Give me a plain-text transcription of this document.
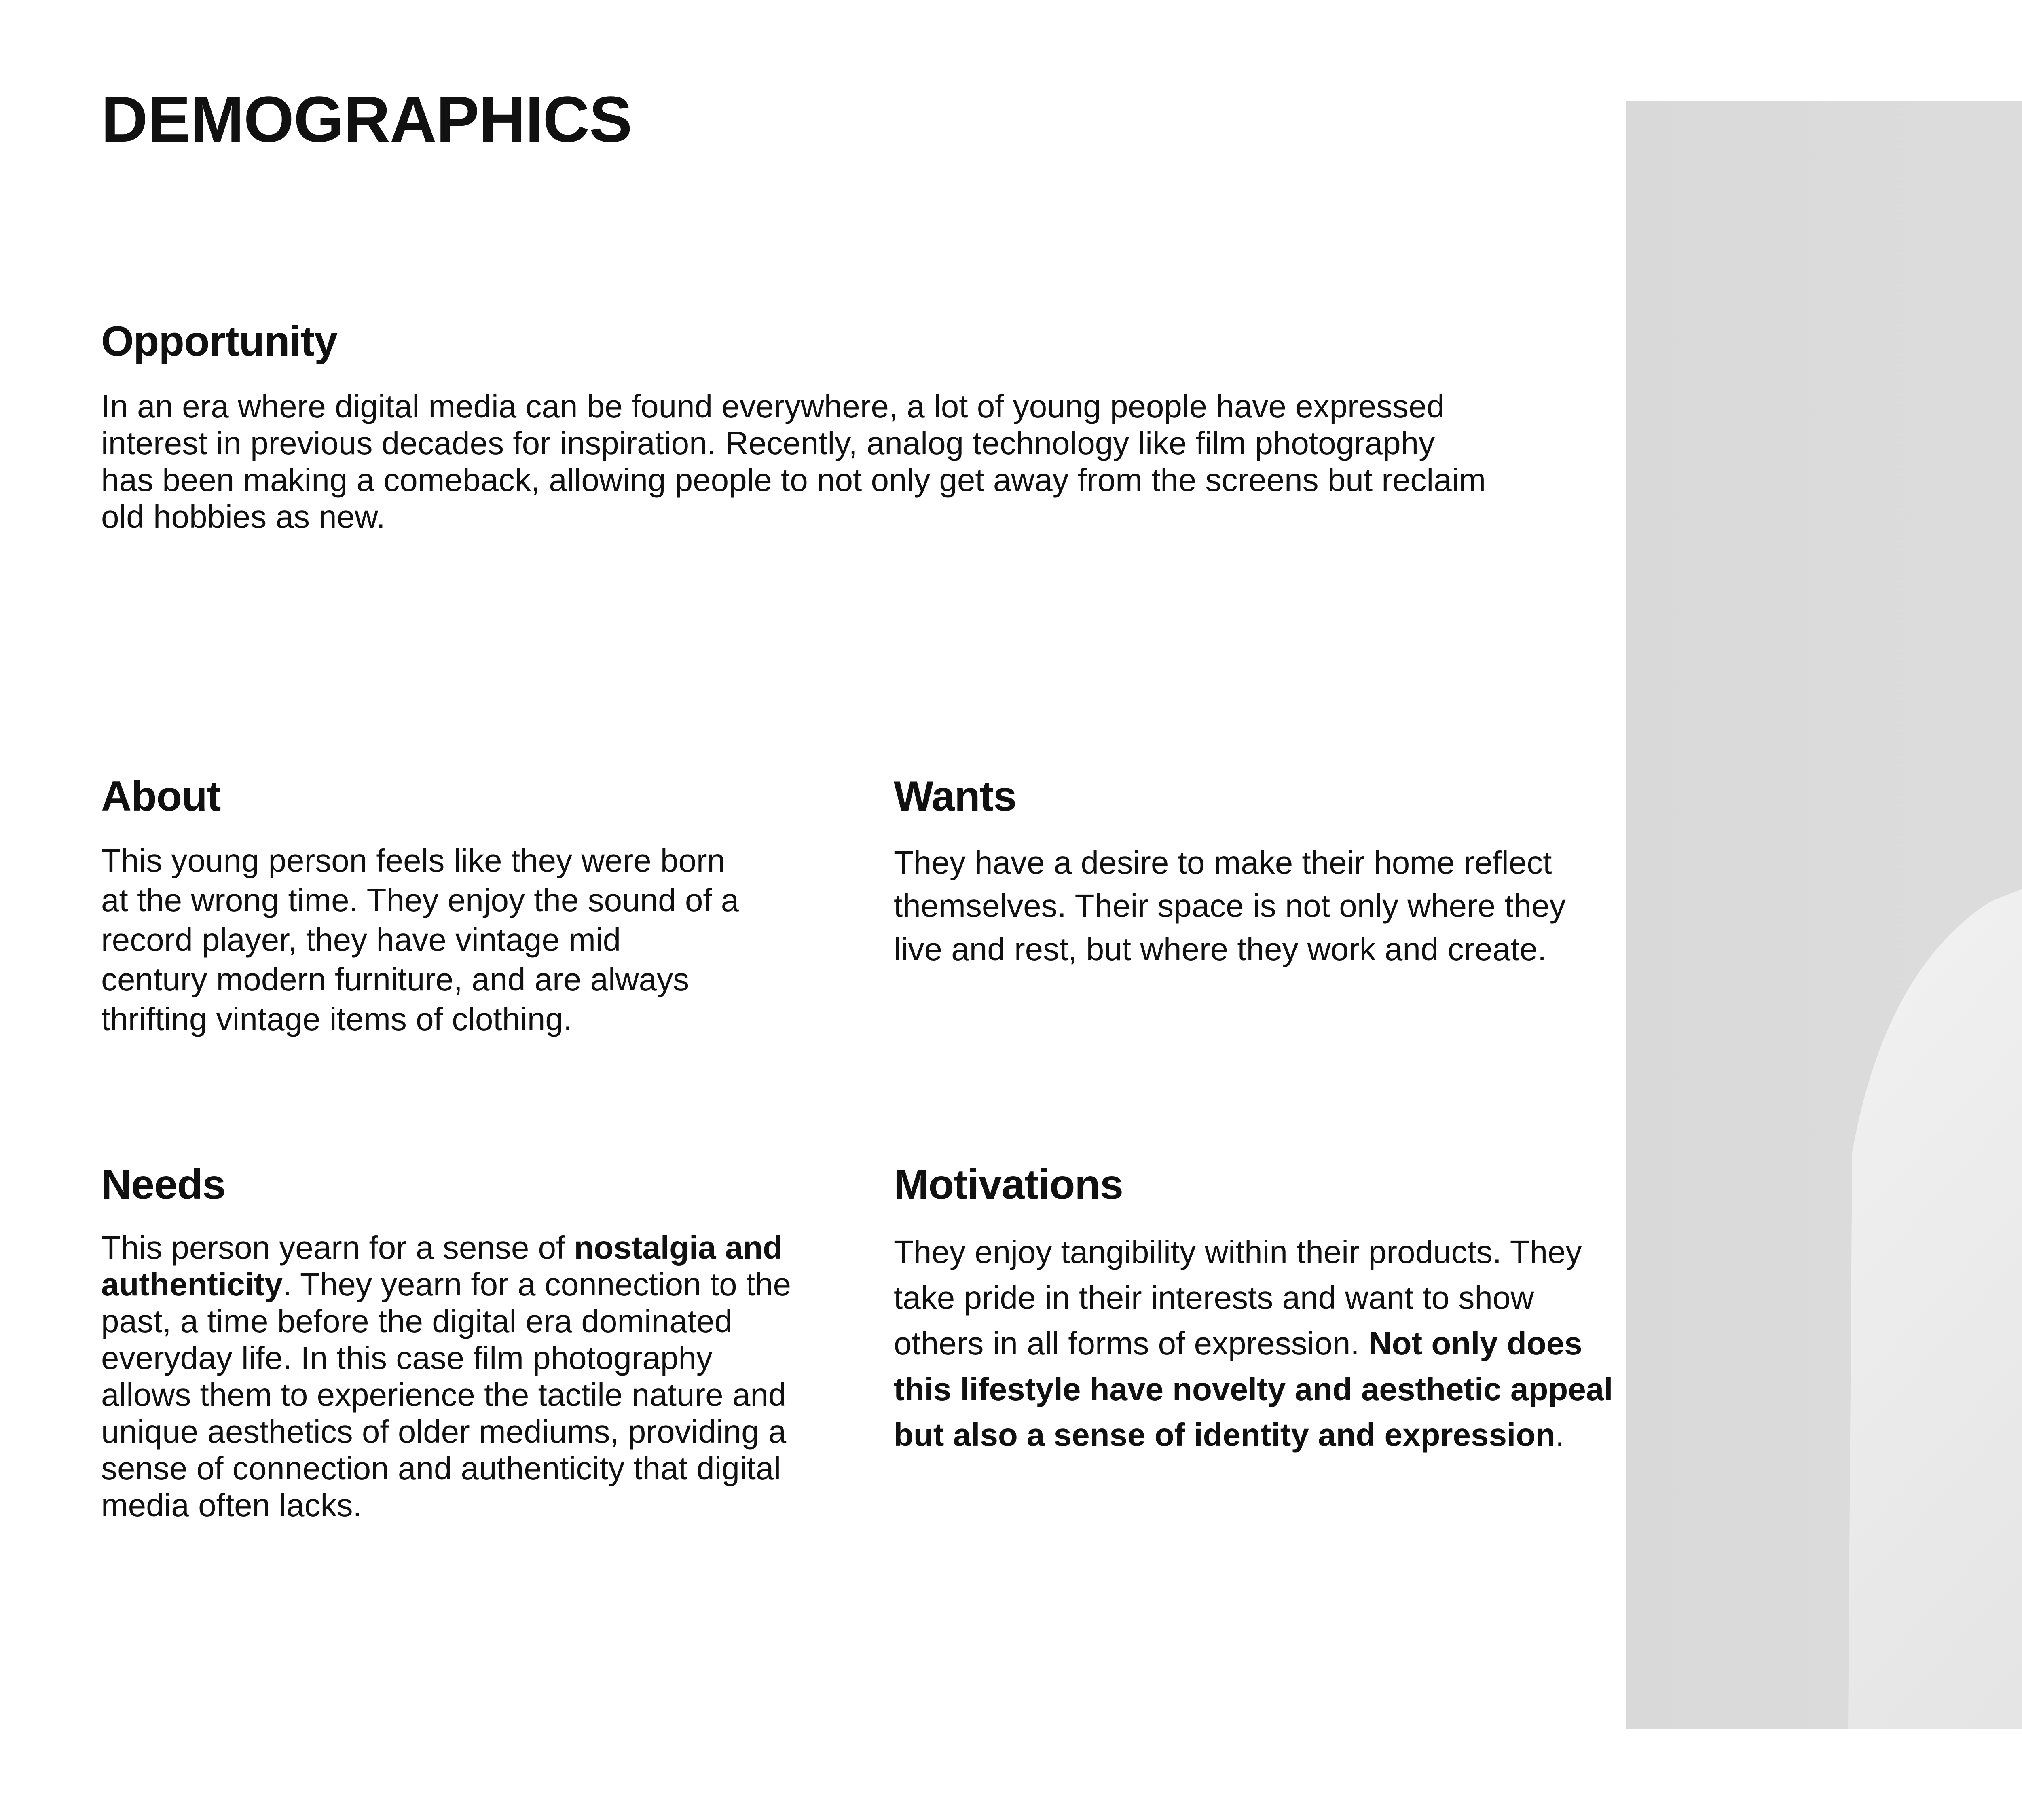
DEMOGRAPHICS
Opportunity

In an era where digital media can be found everywhere, a lot of young people have expressed

interest in previous decades for inspiration. Recently, analog technology like film photography

has been making a comeback, allowing people to not only get away from the screens but reclaim

old hobbies as new.

About

This young person feels like they were born

at the wrong time. They enjoy the sound of a

record player, they have vintage mid

century modern furniture, and are always

thrifting vintage items of clothing.

Wants

They have a desire to make their home reflect

themselves. Their space is not only where they

live and rest, but where they work and create.

Needs

This person yearn for a sense of nostalgia and

authenticity. They yearn for a connection to the

past, a time before the digital era dominated

everyday life. In this case film photography

allows them to experience the tactile nature and

unique aesthetics of older mediums, providing a

sense of connection and authenticity that digital

media often lacks.

Motivations

They enjoy tangibility within their products. They

take pride in their interests and want to show

others in all forms of expression. Not only does

this lifestyle have novelty and aesthetic appeal

but also a sense of identity and expression.
